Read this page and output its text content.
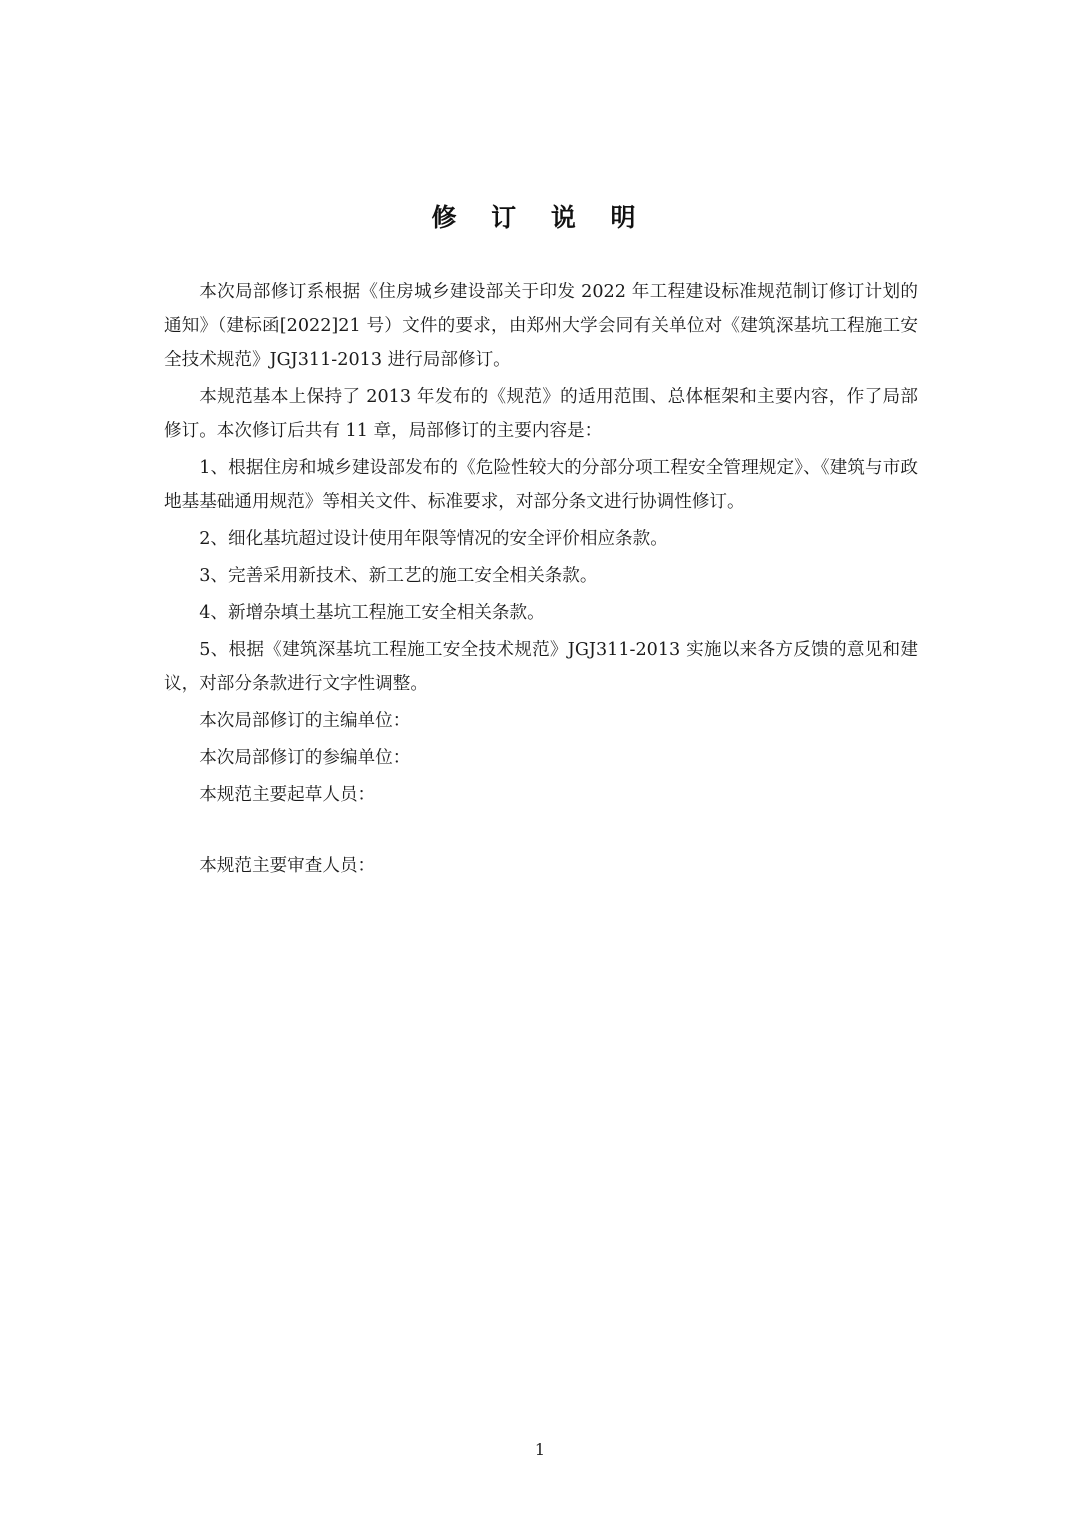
修 订 说 明

本次局部修订系根据《住房城乡建设部关于印发 2022 年工程建设标准规范制订修订计划的通知》（建标函[2022]21 号）文件的要求，由郑州大学会同有关单位对《建筑深基坑工程施工安全技术规范》JGJ311-2013 进行局部修订。

本规范基本上保持了 2013 年发布的《规范》的适用范围、总体框架和主要内容，作了局部修订。本次修订后共有 11 章，局部修订的主要内容是：

1、根据住房和城乡建设部发布的《危险性较大的分部分项工程安全管理规定》、《建筑与市政地基基础通用规范》等相关文件、标准要求，对部分条文进行协调性修订。

2、细化基坑超过设计使用年限等情况的安全评价相应条款。

3、完善采用新技术、新工艺的施工安全相关条款。

4、新增杂填土基坑工程施工安全相关条款。

5、根据《建筑深基坑工程施工安全技术规范》JGJ311-2013 实施以来各方反馈的意见和建议，对部分条款进行文字性调整。

本次局部修订的主编单位：

本次局部修订的参编单位：

本规范主要起草人员：

本规范主要审查人员：

1
